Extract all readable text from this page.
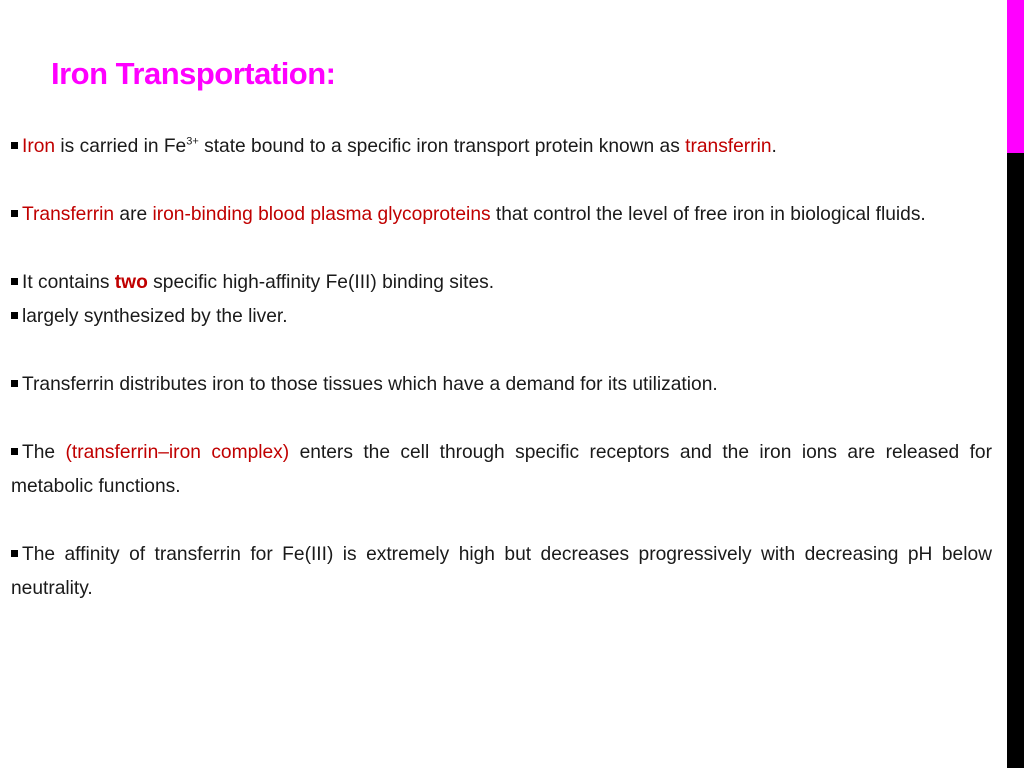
Iron Transportation:

Iron is carried in $Fe^{3+}$ state bound to a specific iron transport protein known as transferrin.

Transferrin are iron-binding blood plasma glycoproteins that control the level of free iron in biological fluids.

It contains two specific high-affinity Fe(III) binding sites.

largely synthesized by the liver.

Transferrin distributes iron to those tissues which have a demand for its utilization.

The (transferrin–iron complex) enters the cell through specific receptors and the iron ions are released for metabolic functions.

The affinity of transferrin for Fe(III) is extremely high but decreases progressively with decreasing pH below neutrality.
